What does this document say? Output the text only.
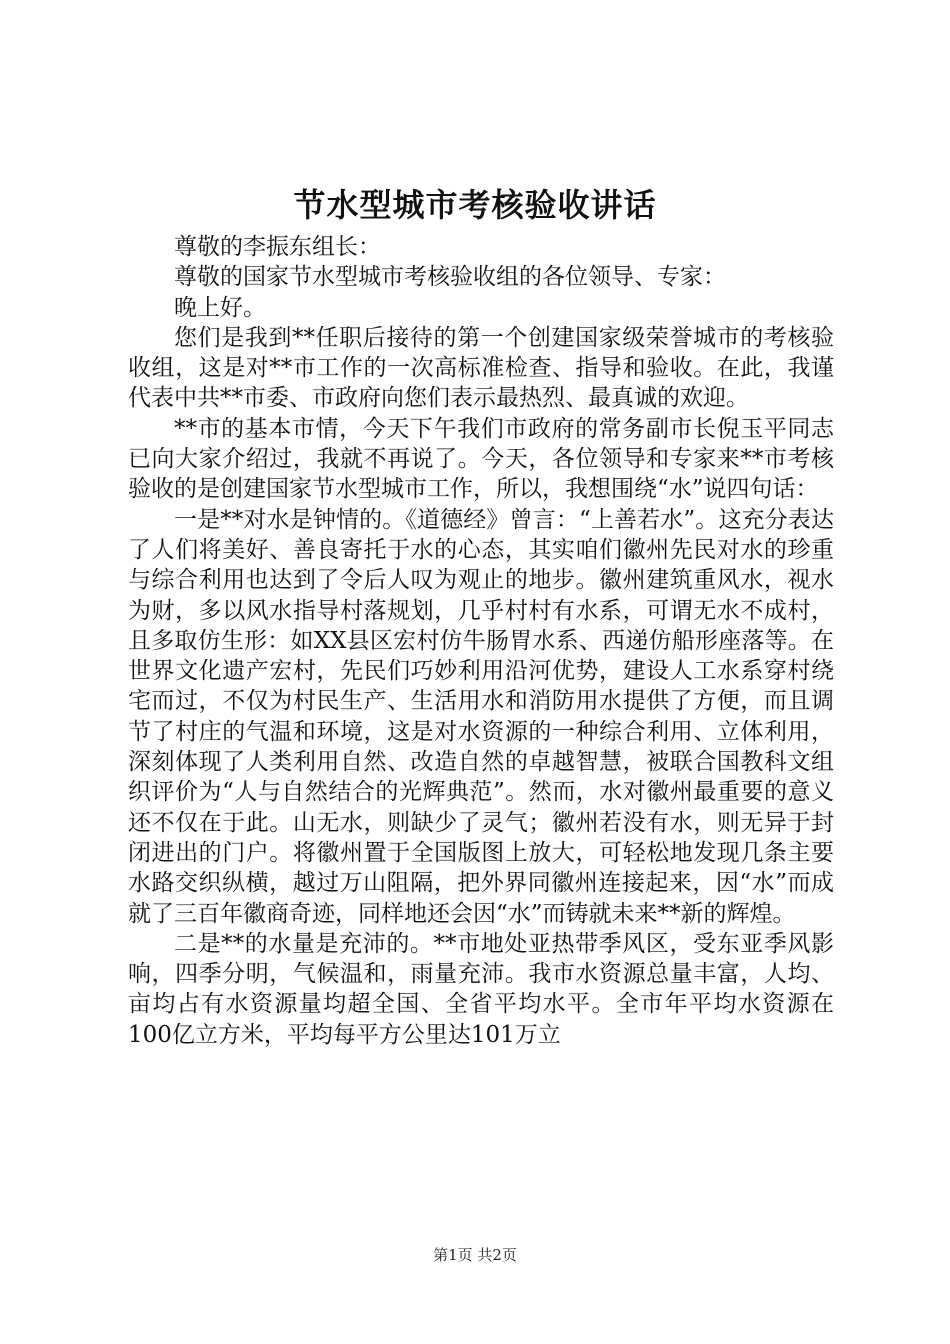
节水型城市考核验收讲话

尊敬的李振东组长：

尊敬的国家节水型城市考核验收组的各位领导、专家：

晚上好。

您们是我到**任职后接待的第一个创建国家级荣誉城市的考核验收组，这是对**市工作的一次高标准检查、指导和验收。在此，我谨代表中共**市委、市政府向您们表示最热烈、最真诚的欢迎。

**市的基本市情，今天下午我们市政府的常务副市长倪玉平同志已向大家介绍过，我就不再说了。今天，各位领导和专家来**市考核验收的是创建国家节水型城市工作，所以，我想围绕“水”说四句话：

一是**对水是钟情的。《道德经》曾言：“上善若水”。这充分表达了人们将美好、善良寄托于水的心态，其实咱们徽州先民对水的珍重与综合利用也达到了令后人叹为观止的地步。徽州建筑重风水，视水为财，多以风水指导村落规划，几乎村村有水系，可谓无水不成村，且多取仿生形：如XX县区宏村仿牛肠胃水系、西递仿船形座落等。在世界文化遗产宏村，先民们巧妙利用沿河优势，建设人工水系穿村绕宅而过，不仅为村民生产、生活用水和消防用水提供了方便，而且调节了村庄的气温和环境，这是对水资源的一种综合利用、立体利用，深刻体现了人类利用自然、改造自然的卓越智慧，被联合国教科文组织评价为“人与自然结合的光辉典范”。然而，水对徽州最重要的意义还不仅在于此。山无水，则缺少了灵气；徽州若没有水，则无异于封闭进出的门户。将徽州置于全国版图上放大，可轻松地发现几条主要水路交织纵横，越过万山阻隔，把外界同徽州连接起来，因“水”而成就了三百年徽商奇迹，同样地还会因“水”而铸就未来**新的辉煌。

二是**的水量是充沛的。**市地处亚热带季风区，受东亚季风影响，四季分明，气候温和，雨量充沛。我市水资源总量丰富，人均、亩均占有水资源量均超全国、全省平均水平。全市年平均水资源在100亿立方米，平均每平方公里达101万立

第1页 共2页
